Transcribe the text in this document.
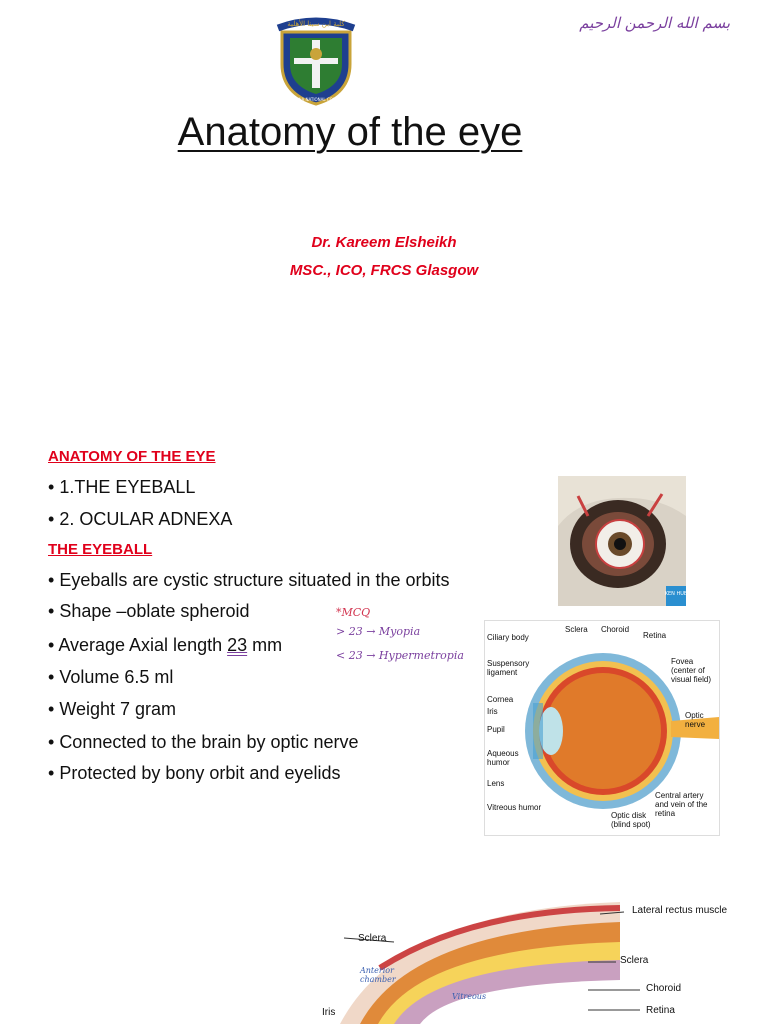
كلية ابن سينا الأهلية
IBN SINA NATIONAL COLLEGE
بسم الله الرحمن الرحيم
Anatomy of the eye
Dr. Kareem Elsheikh
MSC., ICO, FRCS Glasgow
ANATOMY OF THE EYE
• 1.THE EYEBALL
• 2. OCULAR ADNEXA
THE EYEBALL
• Eyeballs are cystic structure situated in the orbits
• Shape –oblate spheroid
• Average Axial length 23 mm
• Volume 6.5 ml
• Weight 7 gram
• Connected to the brain by optic nerve
• Protected by bony orbit and eyelids
*MCQ
> 23 → Myopia
< 23 → Hypermetropia
KEN HUB
Ciliary body
Sclera Choroid
Retina
Suspensory ligament
Fovea (center of visual field)
Cornea
Iris
Pupil
Optic nerve
Aqueous humor
Lens
Central artery and vein of the retina
Vitreous humor
Optic disk (blind spot)
Lateral rectus muscle
Sclera
Sclera
Choroid
Retina
Iris
Anterior chamber
Vitreous
